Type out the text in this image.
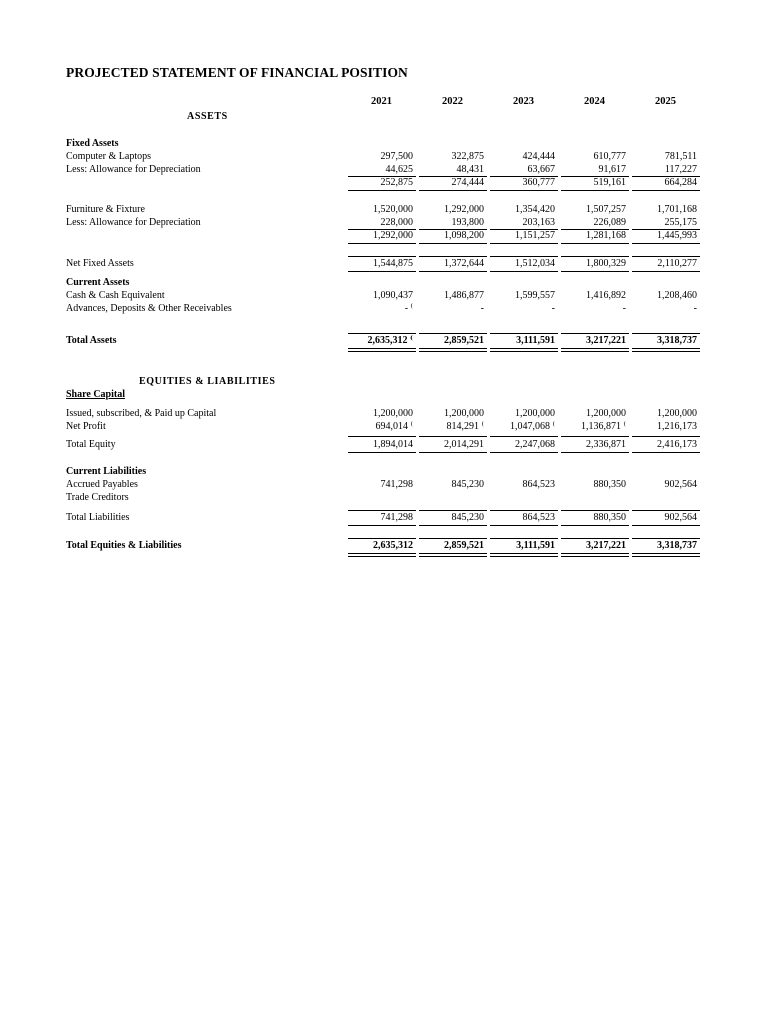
PROJECTED STATEMENT OF FINANCIAL POSITION
2021	2022	2023	2024	2025
ASSETS
Fixed Assets
Computer & Laptops	297,500	322,875	424,444	610,777	781,511
Less: Allowance for Depreciation	44,625	48,431	63,667	91,617	117,227
252,875	274,444	360,777	519,161	664,284
Furniture & Fixture	1,520,000	1,292,000	1,354,420	1,507,257	1,701,168
Less: Allowance for Depreciation	228,000	193,800	203,163	226,089	255,175
1,292,000	1,098,200	1,151,257	1,281,168	1,445,993
Net Fixed Assets	1,544,875	1,372,644	1,512,034	1,800,329	2,110,277
Current Assets
Cash & Cash Equivalent	1,090,437	1,486,877	1,599,557	1,416,892	1,208,460
Advances, Deposits & Other Receivables	- ⁽	-	-	-	-
Total Assets	2,635,312 ⁽	2,859,521	3,111,591	3,217,221	3,318,737
EQUITIES & LIABILITIES
Share Capital
Issued, subscribed, & Paid up Capital	1,200,000	1,200,000	1,200,000	1,200,000	1,200,000
Net Profit	694,014 ⁽	814,291 ⁽	1,047,068 ⁽	1,136,871 ⁽	1,216,173
Total Equity	1,894,014	2,014,291	2,247,068	2,336,871	2,416,173
Current Liabilities
Accrued Payables	741,298	845,230	864,523	880,350	902,564
Trade Creditors
Total Liabilities	741,298	845,230	864,523	880,350	902,564
Total Equities & Liabilities	2,635,312	2,859,521	3,111,591	3,217,221	3,318,737
